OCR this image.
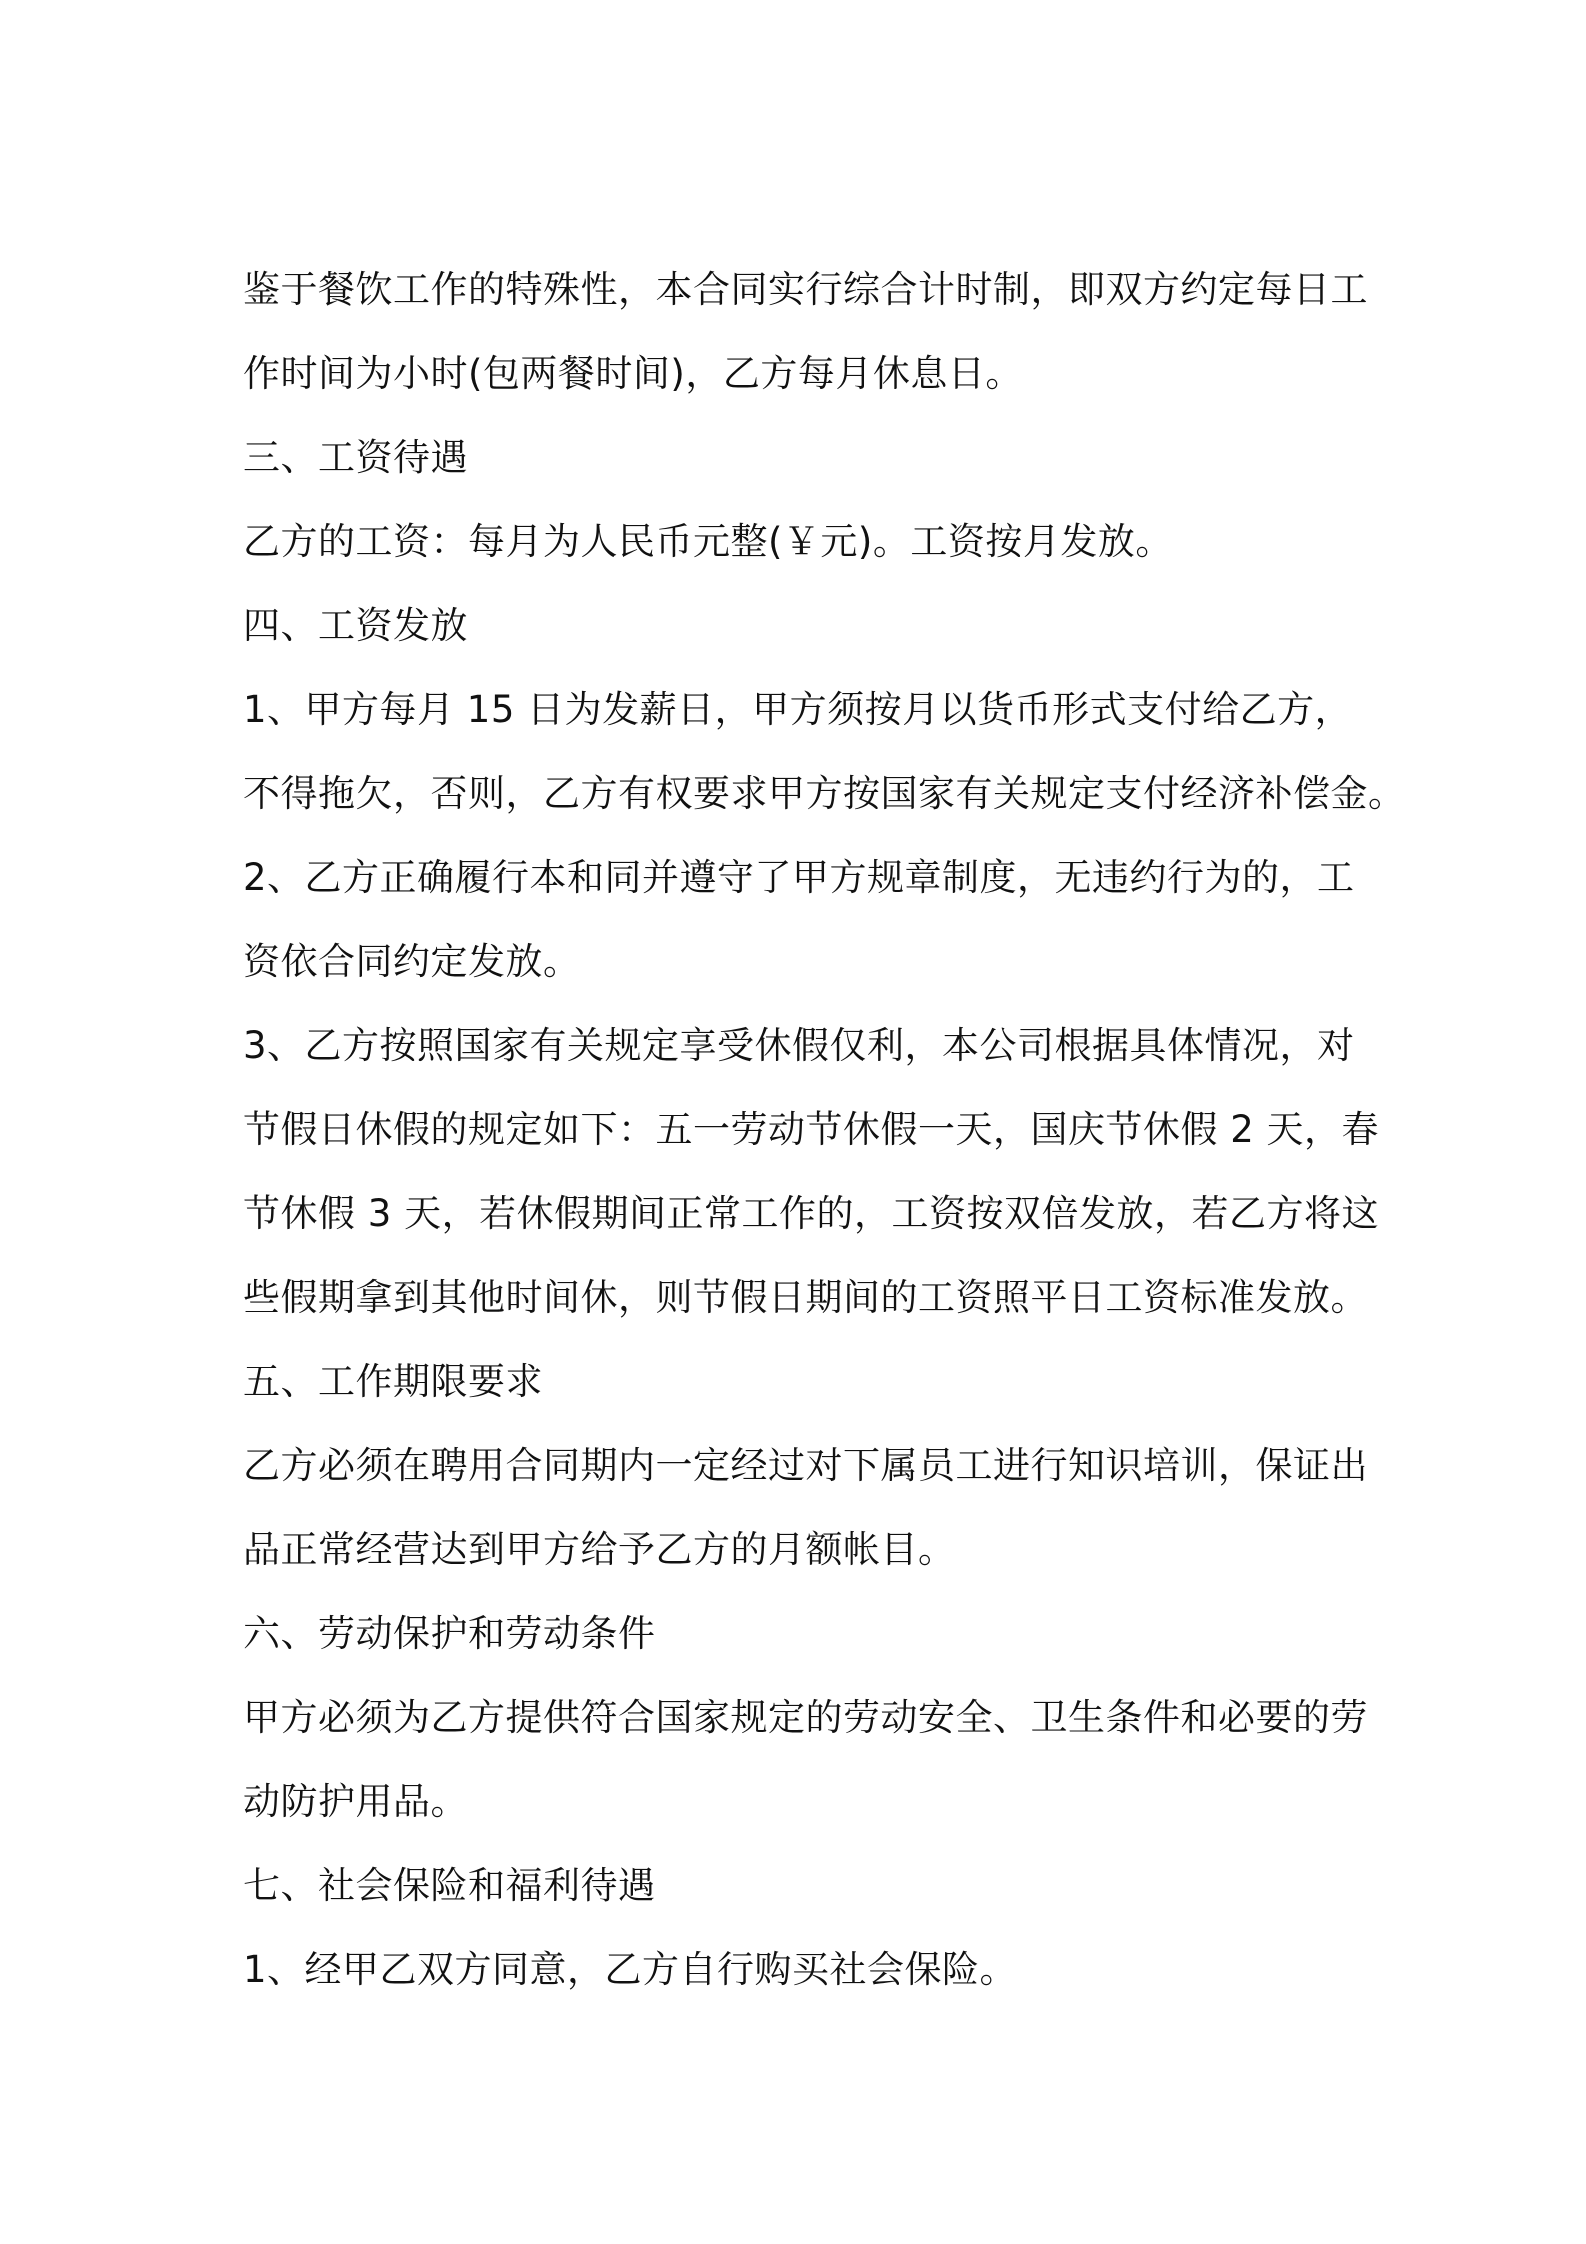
鉴于餐饮工作的特殊性，本合同实行综合计时制，即双方约定每日工
作时间为小时(包两餐时间)，乙方每月休息日。
三、工资待遇
乙方的工资：每月为人民币元整(￥元)。工资按月发放。
四、工资发放
1、甲方每月 15 日为发薪日，甲方须按月以货币形式支付给乙方，
不得拖欠，否则，乙方有权要求甲方按国家有关规定支付经济补偿金。
2、乙方正确履行本和同并遵守了甲方规章制度，无违约行为的，工
资依合同约定发放。
3、乙方按照国家有关规定享受休假仅利，本公司根据具体情况，对
节假日休假的规定如下：五一劳动节休假一天，国庆节休假 2 天，春
节休假 3 天，若休假期间正常工作的，工资按双倍发放，若乙方将这
些假期拿到其他时间休，则节假日期间的工资照平日工资标准发放。
五、工作期限要求
乙方必须在聘用合同期内一定经过对下属员工进行知识培训，保证出
品正常经营达到甲方给予乙方的月额帐目。
六、劳动保护和劳动条件
甲方必须为乙方提供符合国家规定的劳动安全、卫生条件和必要的劳
动防护用品。
七、社会保险和福利待遇
1、经甲乙双方同意，乙方自行购买社会保险。
